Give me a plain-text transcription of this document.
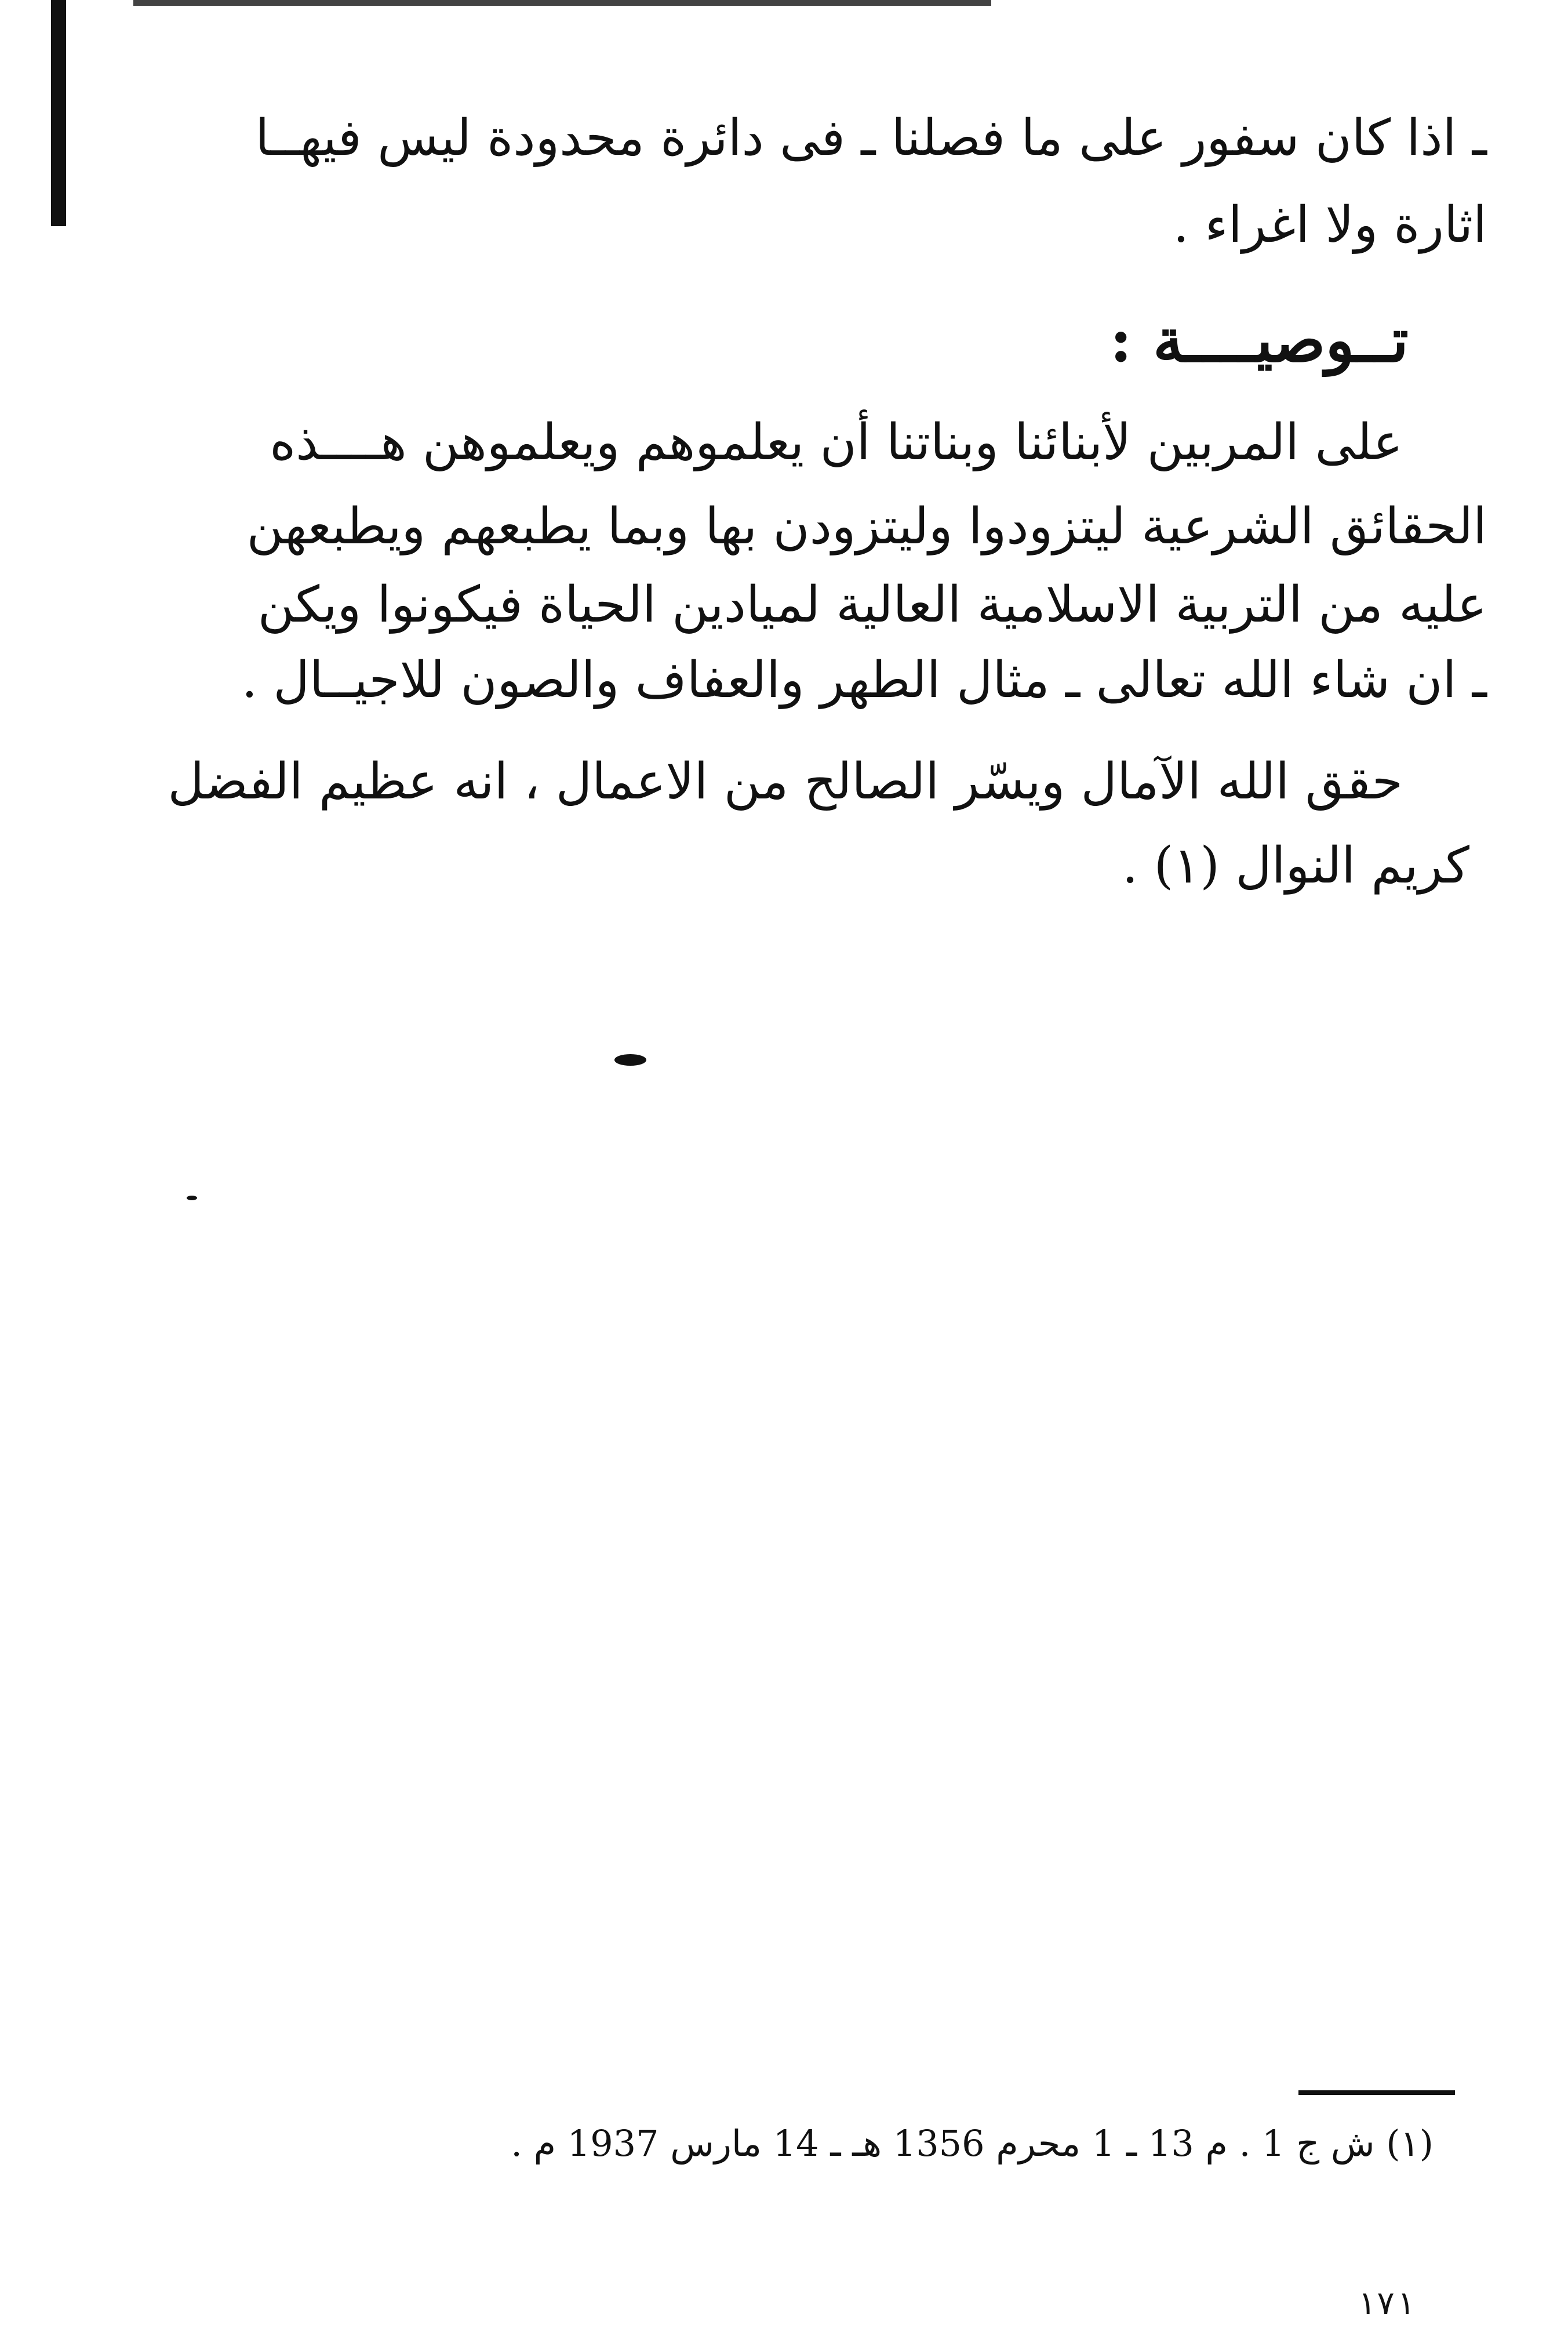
ـ اذا كان سفور على ما فصلنا ـ فى دائرة محدودة ليس فيهــا
اثارة ولا اغراء .
تــوصيــــة :
على المربين لأبنائنا وبناتنا أن يعلموهم ويعلموهن هــــذه
الحقائق الشرعية ليتزودوا وليتزودن بها وبما يطبعهم ويطبعهن
عليه من التربية الاسلامية العالية لميادين الحياة فيكونوا ويكن
ـ ان شاء الله تعالى ـ مثال الطهر والعفاف والصون للاجيــال .
حقق الله الآمال ويسّر الصالح من الاعمال ، انه عظيم الفضل
كريم النوال (١) .
(١) ش ج 1 . م 13 ـ 1 محرم 1356 هـ ـ 14 مارس 1937 م .
١٧١
